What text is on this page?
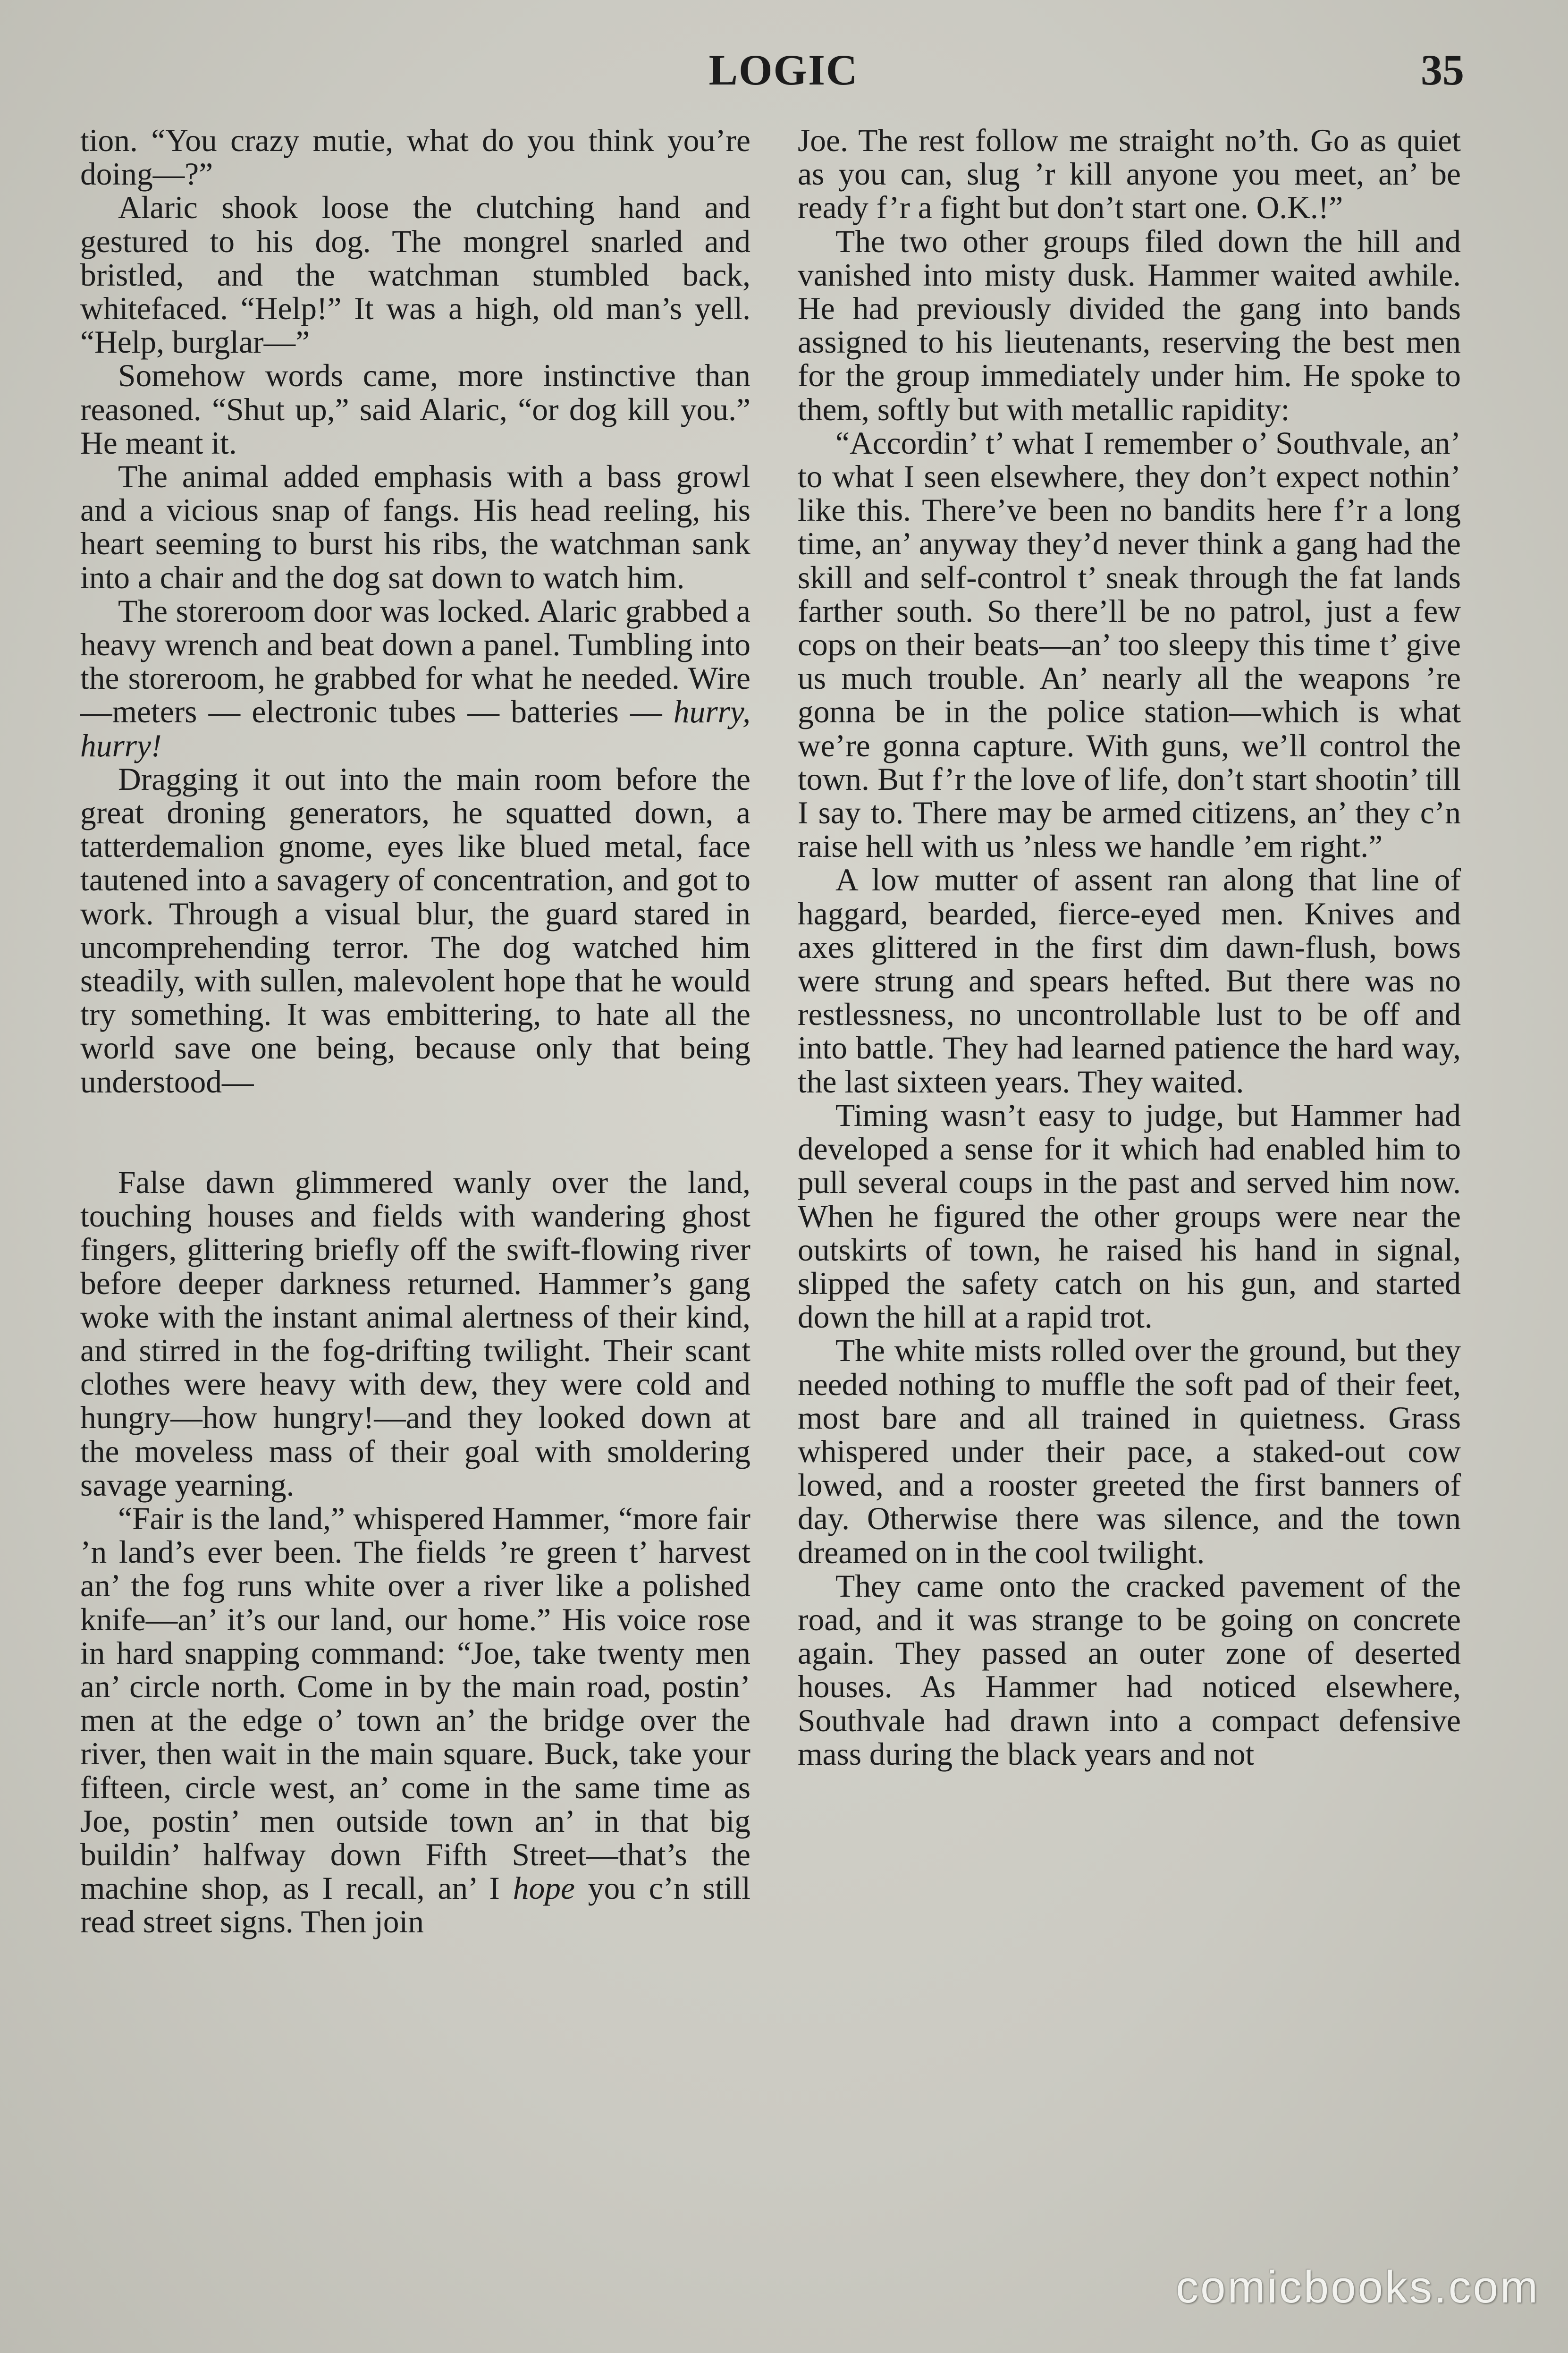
LOGIC	35

tion. “You crazy mutie, what do you think you’re doing—?”

Alaric shook loose the clutching hand and gestured to his dog. The mongrel snarled and bristled, and the watchman stumbled back, whitefaced. “Help!” It was a high, old man’s yell. “Help, burglar—”

Somehow words came, more instinctive than reasoned. “Shut up,” said Alaric, “or dog kill you.” He meant it.

The animal added emphasis with a bass growl and a vicious snap of fangs. His head reeling, his heart seeming to burst his ribs, the watchman sank into a chair and the dog sat down to watch him.

The storeroom door was locked. Alaric grabbed a heavy wrench and beat down a panel. Tumbling into the storeroom, he grabbed for what he needed. Wire—meters — electronic tubes — batteries — hurry, hurry!

Dragging it out into the main room before the great droning generators, he squatted down, a tatterdemalion gnome, eyes like blued metal, face tautened into a savagery of concentration, and got to work. Through a visual blur, the guard stared in uncomprehending terror. The dog watched him steadily, with sullen, malevolent hope that he would try something. It was embittering, to hate all the world save one being, because only that being understood—

False dawn glimmered wanly over the land, touching houses and fields with wandering ghost fingers, glittering briefly off the swift-flowing river before deeper darkness returned. Hammer’s gang woke with the instant animal alertness of their kind, and stirred in the fog-drifting twilight. Their scant clothes were heavy with dew, they were cold and hungry—how hungry!—and they looked down at the moveless mass of their goal with smoldering savage yearning.

“Fair is the land,” whispered Hammer, “more fair ’n land’s ever been. The fields ’re green t’ harvest an’ the fog runs white over a river like a polished knife—an’ it’s our land, our home.” His voice rose in hard snapping command: “Joe, take twenty men an’ circle north. Come in by the main road, postin’ men at the edge o’ town an’ the bridge over the river, then wait in the main square. Buck, take your fifteen, circle west, an’ come in the same time as Joe, postin’ men outside town an’ in that big buildin’ halfway down Fifth Street—that’s the machine shop, as I recall, an’ I hope you c’n still read street signs. Then join

Joe. The rest follow me straight no’th. Go as quiet as you can, slug ’r kill anyone you meet, an’ be ready f’r a fight but don’t start one. O.K.!”

The two other groups filed down the hill and vanished into misty dusk. Hammer waited awhile. He had previously divided the gang into bands assigned to his lieutenants, reserving the best men for the group immediately under him. He spoke to them, softly but with metallic rapidity:

“Accordin’ t’ what I remember o’ Southvale, an’ to what I seen elsewhere, they don’t expect nothin’ like this. There’ve been no bandits here f’r a long time, an’ anyway they’d never think a gang had the skill and self-control t’ sneak through the fat lands farther south. So there’ll be no patrol, just a few cops on their beats—an’ too sleepy this time t’ give us much trouble. An’ nearly all the weapons ’re gonna be in the police station—which is what we’re gonna capture. With guns, we’ll control the town. But f’r the love of life, don’t start shootin’ till I say to. There may be armed citizens, an’ they c’n raise hell with us ’nless we handle ’em right.”

A low mutter of assent ran along that line of haggard, bearded, fierce-eyed men. Knives and axes glittered in the first dim dawn-flush, bows were strung and spears hefted. But there was no restlessness, no uncontrollable lust to be off and into battle. They had learned patience the hard way, the last sixteen years. They waited.

Timing wasn’t easy to judge, but Hammer had developed a sense for it which had enabled him to pull several coups in the past and served him now. When he figured the other groups were near the outskirts of town, he raised his hand in signal, slipped the safety catch on his gun, and started down the hill at a rapid trot.

The white mists rolled over the ground, but they needed nothing to muffle the soft pad of their feet, most bare and all trained in quietness. Grass whispered under their pace, a staked-out cow lowed, and a rooster greeted the first banners of day. Otherwise there was silence, and the town dreamed on in the cool twilight.

They came onto the cracked pavement of the road, and it was strange to be going on concrete again. They passed an outer zone of deserted houses. As Hammer had noticed elsewhere, Southvale had drawn into a compact defensive mass during the black years and not

comicbooks.com
